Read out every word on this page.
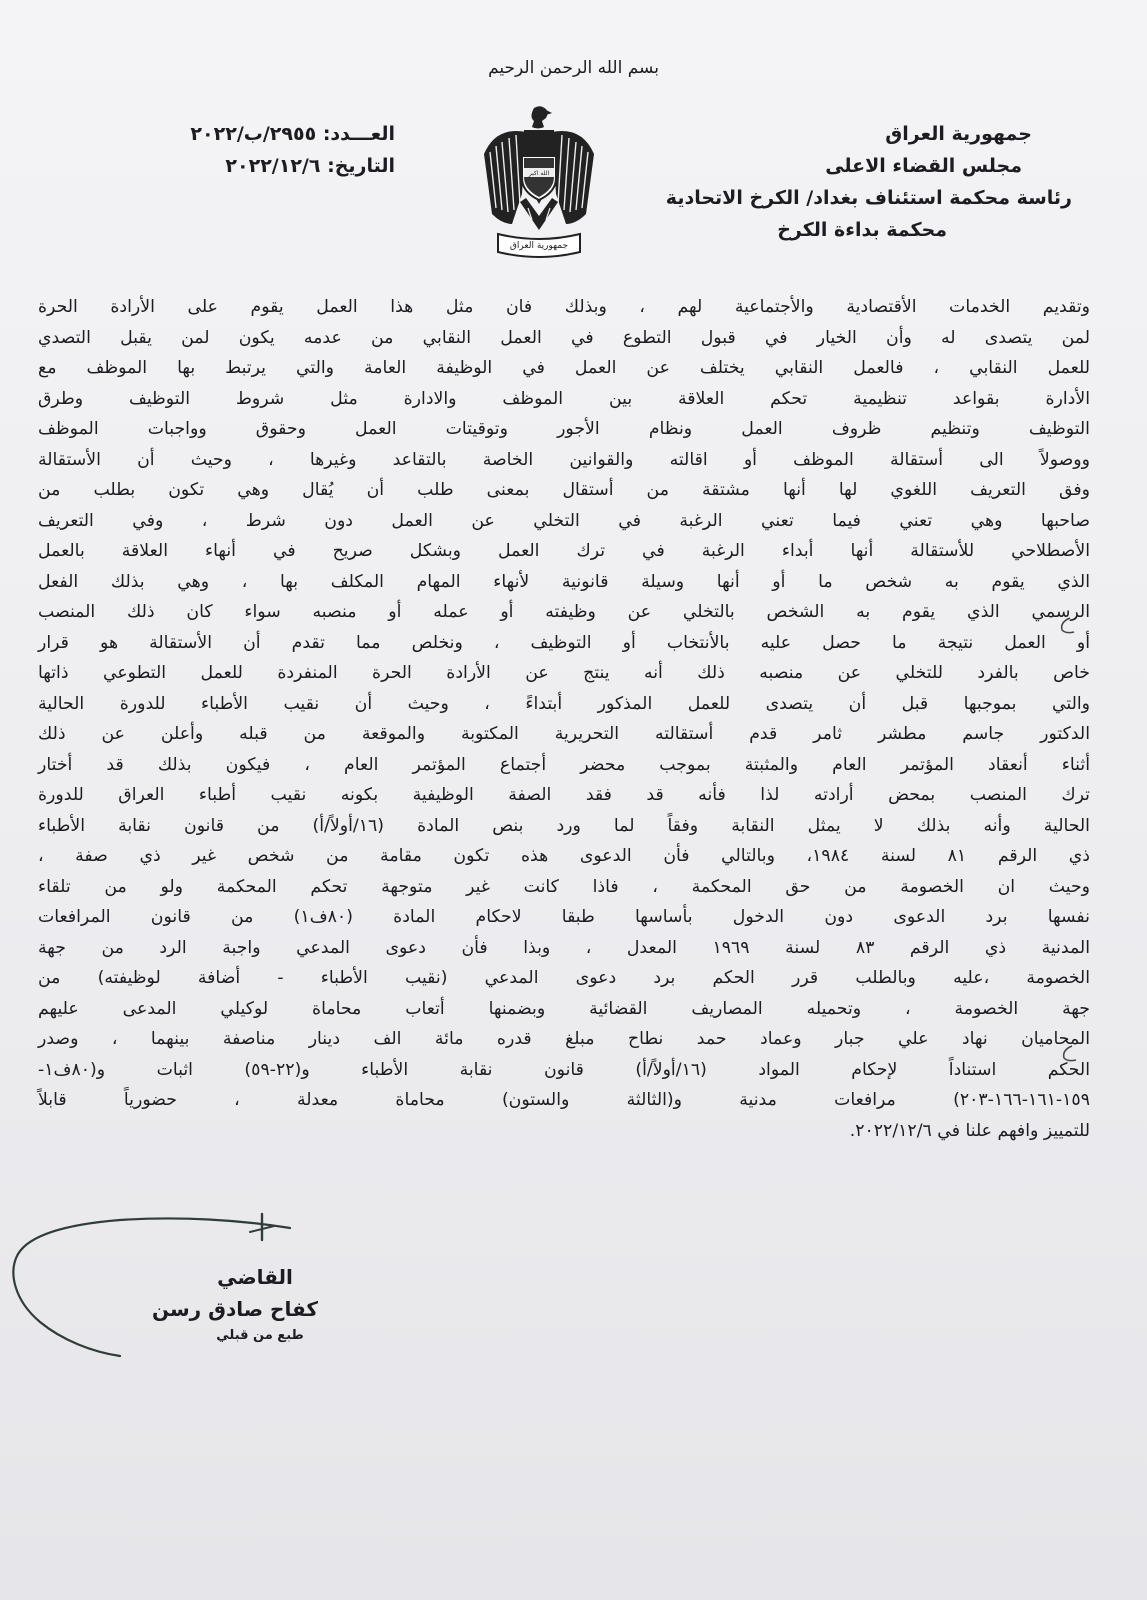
بسم الله الرحمن الرحيم
جمهورية العراق
مجلس القضاء الاعلى
رئاسة محكمة استئناف بغداد/ الكرخ الاتحادية
محكمة بداءة الكرخ
العـــدد: ٢٩٥٥/ب/٢٠٢٢
التاريخ: ٢٠٢٢/١٢/٦	الله اكبر
جمهورية العراق
وتقديم الخدمات الأقتصادية والأجتماعية لهم ، وبذلك فان مثل هذا العمل يقوم على الأرادة الحرة
لمن يتصدى له وأن الخيار في قبول التطوع في العمل النقابي من عدمه يكون لمن يقبل التصدي
للعمل النقابي ، فالعمل النقابي يختلف عن العمل في الوظيفة العامة والتي يرتبط بها الموظف مع
الأدارة بقواعد تنظيمية تحكم العلاقة بين الموظف والادارة مثل شروط التوظيف وطرق
التوظيف وتنظيم ظروف العمل ونظام الأجور وتوقيتات العمل وحقوق وواجبات الموظف
ووصولاً الى أستقالة الموظف أو اقالته والقوانين الخاصة بالتقاعد وغيرها ، وحيث أن الأستقالة
وفق التعريف اللغوي لها أنها مشتقة من أستقال بمعنى طلب أن يُقال وهي تكون بطلب من
صاحبها وهي تعني فيما تعني الرغبة في التخلي عن العمل دون شرط ، وفي التعريف
الأصطلاحي للأستقالة أنها أبداء الرغبة في ترك العمل وبشكل صريح في أنهاء العلاقة بالعمل
الذي يقوم به شخص ما أو أنها وسيلة قانونية لأنهاء المهام المكلف بها ، وهي بذلك الفعل
الرسمي الذي يقوم به الشخص بالتخلي عن وظيفته أو عمله أو منصبه سواء كان ذلك المنصب
أو العمل نتيجة ما حصل عليه بالأنتخاب أو التوظيف ، ونخلص مما تقدم أن الأستقالة هو قرار
خاص بالفرد للتخلي عن منصبه ذلك أنه ينتج عن الأرادة الحرة المنفردة للعمل التطوعي ذاتها
والتي بموجبها قبل أن يتصدى للعمل المذكور أبتداءً ، وحيث أن نقيب الأطباء للدورة الحالية
الدكتور جاسم مطشر ثامر قدم أستقالته التحريرية المكتوبة والموقعة من قبله وأعلن عن ذلك
أثناء أنعقاد المؤتمر العام والمثبتة بموجب محضر أجتماع المؤتمر العام ، فيكون بذلك قد أختار
ترك المنصب بمحض أرادته لذا فأنه قد فقد الصفة الوظيفية بكونه نقيب أطباء العراق للدورة
الحالية وأنه بذلك لا يمثل النقابة وفقاً لما ورد بنص المادة (١٦/أولاً/أ) من قانون نقابة الأطباء
ذي الرقم ٨١ لسنة ١٩٨٤، وبالتالي فأن الدعوى هذه تكون مقامة من شخص غير ذي صفة ،
وحيث ان الخصومة من حق المحكمة ، فاذا كانت غير متوجهة تحكم المحكمة ولو من تلقاء
نفسها برد الدعوى دون الدخول بأساسها طبقا لاحكام المادة (٨٠ف١) من قانون المرافعات
المدنية ذي الرقم ٨٣ لسنة ١٩٦٩ المعدل ، وبذا فأن دعوى المدعي واجبة الرد من جهة
الخصومة ،عليه وبالطلب قرر الحكم برد دعوى المدعي (نقيب الأطباء - أضافة لوظيفته) من
جهة الخصومة ، وتحميله المصاريف القضائية وبضمنها أتعاب محاماة لوكيلي المدعى عليهم
المحاميان نهاد علي جبار وعماد حمد نطاح مبلغ قدره مائة الف دينار مناصفة بينهما ، وصدر
الحكم استناداً لإحكام المواد (١٦/أولاً/أ) قانون نقابة الأطباء و(٢٢-٥٩) اثبات و(٨٠ف١-
١٥٩-١٦١-١٦٦-٢٠٣) مرافعات مدنية و(الثالثة والستون) محاماة معدلة ، حضورياً قابلاً
للتمييز وافهم علنا في ٢٠٢٢/١٢/٦.
القاضي
كفاح صادق رسن
طبع من قبلي
